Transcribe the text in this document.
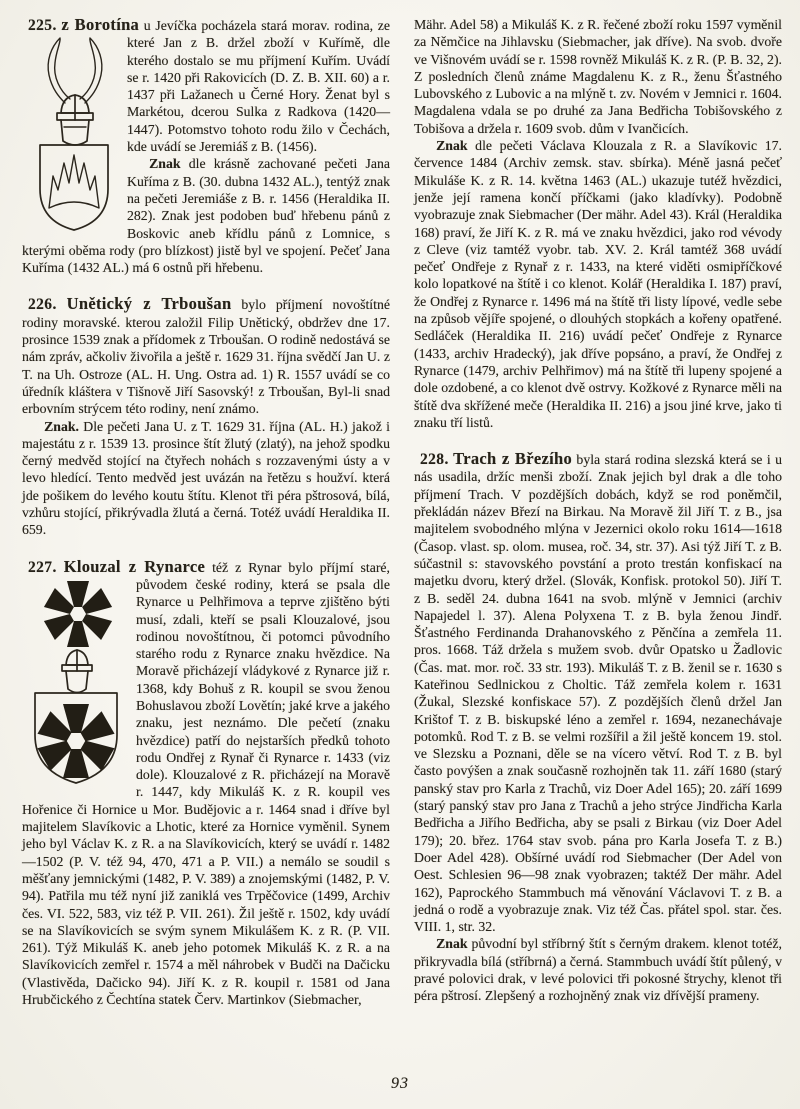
225. z Borotína u Jevíčka pocházela stará morav.
rodina, ze které Jan z B. držel zboží v Kuřímě, dle kterého dostalo se mu příjmení Kuřím. Uvádí se r. 1420 při Rakovicích (D. Z. B. XII. 60) a r. 1437 při Lažanech u Černé Hory. Ženat byl s Markétou, dcerou Sulka z Radkova (1420—1447). Potomstvo tohoto rodu žilo v Čechách, kde uvádí se Jeremiáš z B. (1456).

Znak dle krásně zachované pečeti Jana Kuříma z B. (30. dubna 1432 AL.), tentýž znak na pečeti Jeremiáše z B. r. 1456 (Heraldika II. 282). Znak jest podoben buď hřebenu pánů z Boskovic aneb křídlu pánů z Lomnice, s kterými oběma rody (pro blízkost) jistě byl ve spojení. Pečeť Jana Kuříma (1432 AL.) má 6 ostnů při hřebenu.

226. Unětický z Trboušan bylo příjmení novoštítné rodiny moravské. kterou založil Filip Unětický, obdržev dne 17. prosince 1539 znak a přídomek z Trboušan. O rodině nedostává se nám zpráv, ačkoliv živořila a ještě r. 1629 31. října svědčí Jan U. z T. na Uh. Ostroze (AL. H. Ung. Ostra ad. 1) R. 1557 uvádí se co úředník kláštera v Tišnově Jiří Sasovský! z Trboušan, Byl-li snad erbovním strýcem této rodiny, není známo.

Znak. Dle pečeti Jana U. z T. 1629 31. října (AL. H.) jakož i majestátu z r. 1539 13. prosince štít žlutý (zlatý), na jehož spodku černý medvěd stojící na čtyřech nohách s rozzavenými ústy a v levo hledící. Tento medvěd jest uvázán na řetězu s houžví. která jde pošikem do levého koutu štítu. Klenot tři péra pštrosová, bílá, vzhůru stojící, přikrývadla žlutá a černá. Totéž uvádí Heraldika II. 659.

227. Klouzal z Rynarce též z Rynar bylo příjmí
staré, původem české rodiny, která se psala dle Rynarce u Pelhřimova a teprve zjištěno býti musí, zdali, kteří se psali Klouzalové, jsou rodinou novoštítnou, či potomci původního starého rodu z Rynarce znaku hvězdice. Na Moravě přicházejí vládykové z Rynarce již r. 1368, kdy Bohuš z R. koupil se svou ženou Bohuslavou zboží Lovětín; jaké krve a jakého znaku, jest neznámo. Dle pečetí (znaku hvězdice) patří do nejstarších předků tohoto rodu Ondřej z Rynař či Rynarce r. 1433 (viz dole). Klouzalové z R. přicházejí na Moravě r. 1447, kdy Mikuláš K. z R. koupil ves Hořenice či Hornice u Mor. Budějovic a r. 1464 snad i dříve byl majitelem Slavíkovic a Lhotic, které za Hornice vyměnil. Synem jeho byl Václav K. z R. a na Slavíkovicích, který se uvádí r. 1482—1502 (P. V. též 94, 470, 471 a P. VII.) a nemálo se soudil s měšťany jemnickými (1482, P. V. 389) a znojemskými (1482, P. V. 94). Patřila mu též nyní již zaniklá ves Trpěčovice (1499, Archiv čes. VI. 522, 583, viz též P. VII. 261). Žil ještě r. 1502, kdy uvádí se na Slavíkovicích se svým synem Mikulášem K. z R. (P. VII. 261). Týž Mikuláš K. aneb jeho potomek Mikuláš K. z R. a na Slavíkovicích zemřel r. 1574 a měl náhrobek v Budči na Dačicku (Vlastivěda, Dačicko 94). Jiří K. z R. koupil r. 1581 od Jana Hrubčického z Čechtína statek Červ. Martinkov (Siebmacher,
Mähr. Adel 58) a Mikuláš K. z R. řečené zboží roku 1597 vyměnil za Němčice na Jihlavsku (Siebmacher, jak dříve). Na svob. dvoře ve Višnovém uvádí se r. 1598 rovněž Mikuláš K. z R. (P. B. 32, 2). Z posledních členů známe Magdalenu K. z R., ženu Šťastného Lubovského z Lubovic a na mlýně t. zv. Novém v Jemnici r. 1604. Magdalena vdala se po druhé za Jana Bedřicha Tobišovského z Tobišova a držela r. 1609 svob. dům v Ivančicích.

Znak dle pečeti Václava Klouzala z R. a Slavíkovic 17. července 1484 (Archiv zemsk. stav. sbírka). Méně jasná pečeť Mikuláše K. z R. 14. května 1463 (AL.) ukazuje tutéž hvězdici, jenže její ramena končí příčkami (jako kladívky). Podobně vyobrazuje znak Siebmacher (Der mähr. Adel 43). Král (Heraldika 168) praví, že Jiří K. z R. má ve znaku hvězdici, jako rod vévody z Cleve (viz tamtéž vyobr. tab. XV. 2. Král tamtéž 368 uvádí pečeť Ondřeje z Rynař z r. 1433, na které viděti osmipříčkové kolo lopatkové na štítě i co klenot. Kolář (Heraldika I. 187) praví, že Ondřej z Rynarce r. 1496 má na štítě tři listy lípové, vedle sebe na způsob vějíře spojené, o dlouhých stopkách a kořeny opatřené. Sedláček (Heraldika II. 216) uvádí pečeť Ondřeje z Rynarce (1433, archiv Hradecký), jak dříve popsáno, a praví, že Ondřej z Rynarce (1479, archiv Pelhřimov) má na štítě tři lupeny spojené a dole ozdobené, a co klenot dvě ostrvy. Kožkové z Rynarce měli na štítě dva skřížené meče (Heraldika II. 216) a jsou jiné krve, jako ti znaku tří listů.

228. Trach z Březího byla stará rodina slezská která se i u nás usadila, držíc menši zboží. Znak jejich byl drak a dle toho příjmení Trach. V pozdějších dobách, když se rod poněmčil, překládán název Březí na Birkau. Na Moravě žil Jiří T. z B., jsa majitelem svobodného mlýna v Jezernici okolo roku 1614—1618 (Časop. vlast. sp. olom. musea, roč. 34, str. 37). Asi týž Jiří T. z B. súčastnil s: stavovského povstání a proto trestán konfiskací na majetku dvoru, který držel. (Slovák, Konfisk. protokol 50). Jiří T. z B. seděl 24. dubna 1641 na svob. mlýně v Jemnici (archiv Napajedel l. 37). Alena Polyxena T. z B. byla ženou Jindř. Šťastného Ferdinanda Drahanovského z Pěnčína a zemřela 11. pros. 1668. Táž držela s mužem svob. dvůr Opatsko u Žadlovic (Čas. mat. mor. roč. 33 str. 193). Mikuláš T. z B. ženil se r. 1630 s Kateřinou Sedlnickou z Choltic. Táž zemřela kolem r. 1631 (Žukal, Slezské konfiskace 57). Z pozdějších členů držel Jan Krištof T. z B. biskupské léno a zemřel r. 1694, nezanechávaje potomků. Rod T. z B. se velmi rozšířil a žil ještě koncem 19. stol. ve Slezsku a Poznani, děle se na vícero větví. Rod T. z B. byl často povýšen a znak současně rozhojněn tak 11. září 1680 (starý panský stav pro Karla z Trachů, viz Doer Adel 165); 20. září 1699 (starý panský stav pro Jana z Trachů a jeho strýce Jindřicha Karla Bedřicha a Jiřího Bedřicha, aby se psali z Birkau (viz Doer Adel 179); 20. břez. 1764 stav svob. pána pro Karla Josefa T. z B.) Doer Adel 428). Obšírné uvádí rod Siebmacher (Der Adel von Oest. Schlesien 96—98 znak vyobrazen; taktéž Der mähr. Adel 162), Paprockého Stammbuch má věnování Václavovi T. z B. a jedná o rodě a vyobrazuje znak. Viz též Čas. přátel spol. star. čes. VIII. 1, str. 32.

Znak původní byl stříbrný štít s černým drakem. klenot totéž, přikryvadla bílá (stříbrná) a černá. Stammbuch uvádí štít půlený, v pravé polovici drak, v levé polovici tři pokosné štrychy, klenot tři péra pštrosí. Zlepšený a rozhojněný znak viz dřívější prameny.

93
